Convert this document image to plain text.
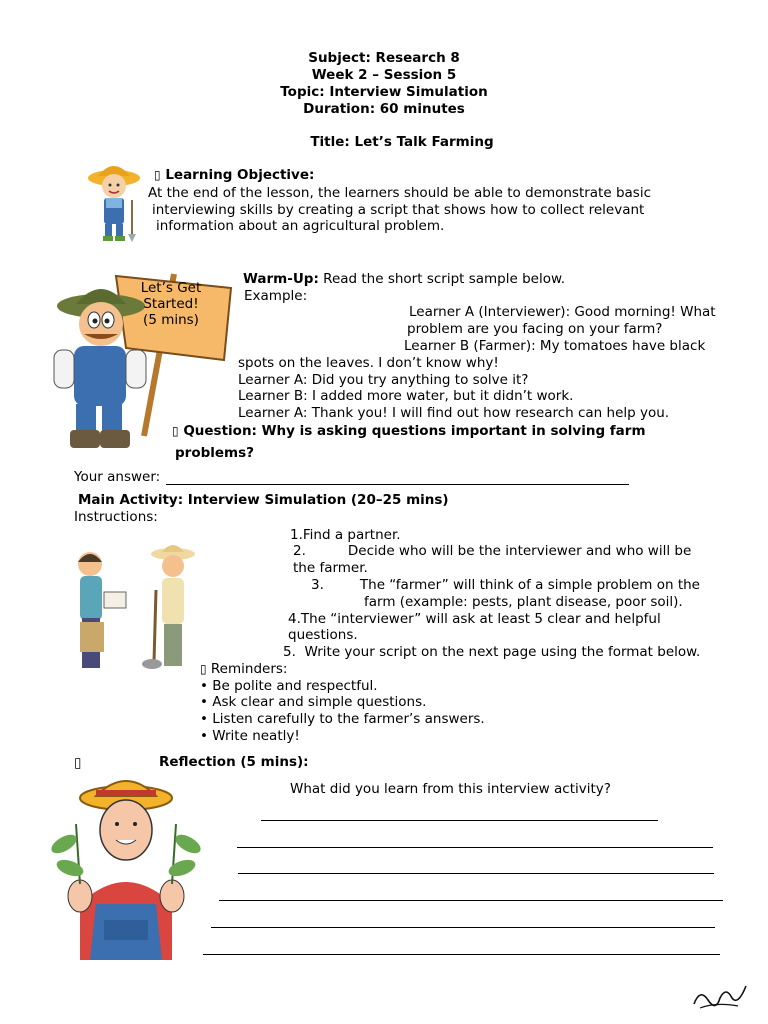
Subject: Research 8
Week 2 – Session 5
Topic: Interview Simulation
Duration: 60 minutes
Title: Let’s Talk Farming
▯ Learning Objective:
At the end of the lesson, the learners should be able to demonstrate basic
interviewing skills by creating a script that shows how to collect relevant
information about an agricultural problem.
Let’s Get
Started!
(5 mins)
Warm-Up: Read the short script sample below.
Example:
Learner A (Interviewer): Good morning! What
problem are you facing on your farm?
Learner B (Farmer): My tomatoes have black
spots on the leaves. I don’t know why!
Learner A: Did you try anything to solve it?
Learner B: I added more water, but it didn’t work.
Learner A: Thank you! I will find out how research can help you.
▯ Question: Why is asking questions important in solving farm
problems?
Your answer:
Main Activity: Interview Simulation (20–25 mins)
Instructions:
1.Find a partner.
2.	Decide who will be the interviewer and who will be
the farmer.
3.	The “farmer” will think of a simple problem on the
farm (example: pests, plant disease, poor soil).
4.The “interviewer” will ask at least 5 clear and helpful
questions.
5. Write your script on the next page using the format below.
▯ Reminders:
• Be polite and respectful.
• Ask clear and simple questions.
• Listen carefully to the farmer’s answers.
• Write neatly!
▯	Reflection (5 mins):
What did you learn from this interview activity?
